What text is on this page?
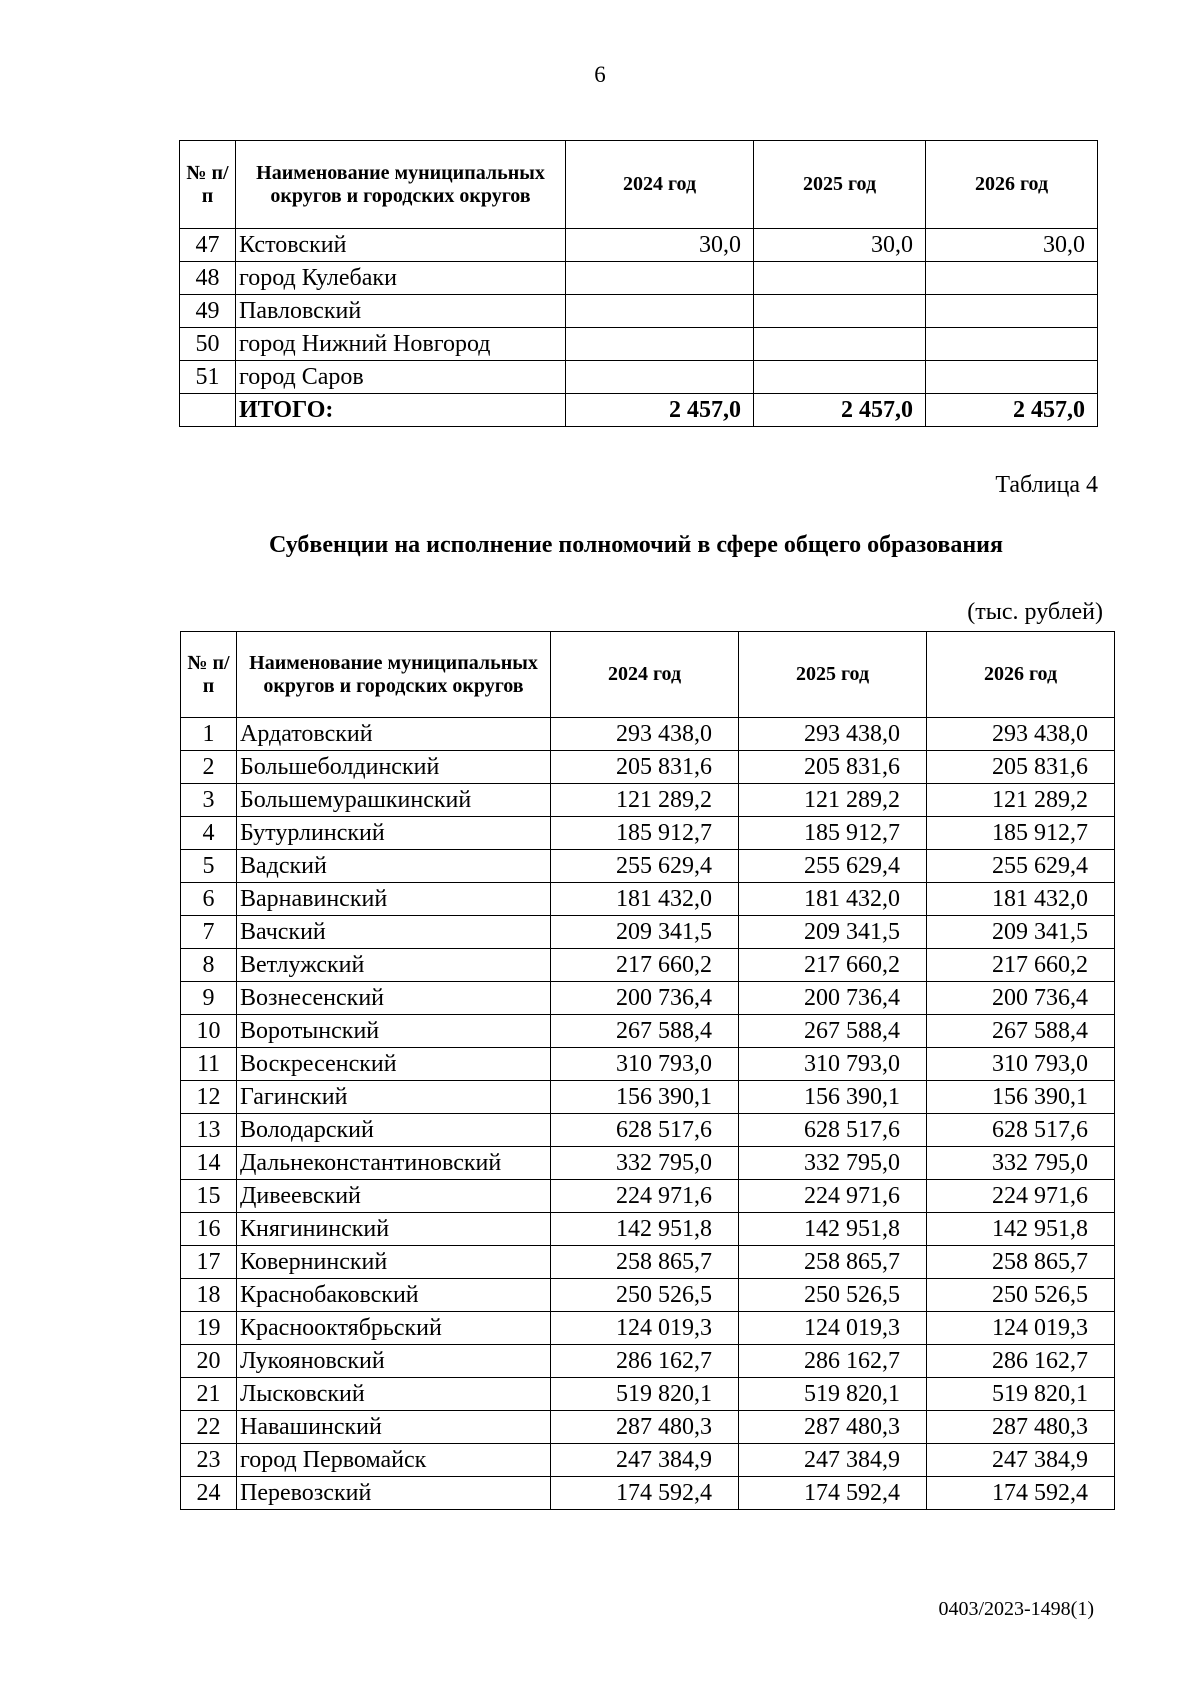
6
№ п/п	Наименование муниципальных округов и городских округов	2024 год	2025 год	2026 год
47	Кстовский	30,0	30,0	30,0
48	город Кулебаки			
49	Павловский			
50	город Нижний Новгород			
51	город Саров			
	ИТОГО:	2 457,0	2 457,0	2 457,0
Таблица 4
Субвенции на исполнение полномочий в сфере общего образования
(тыс. рублей)
№ п/п	Наименование муниципальных округов и городских округов	2024 год	2025 год	2026 год
1	Ардатовский	293 438,0	293 438,0	293 438,0
2	Большеболдинский	205 831,6	205 831,6	205 831,6
3	Большемурашкинский	121 289,2	121 289,2	121 289,2
4	Бутурлинский	185 912,7	185 912,7	185 912,7
5	Вадский	255 629,4	255 629,4	255 629,4
6	Варнавинский	181 432,0	181 432,0	181 432,0
7	Вачский	209 341,5	209 341,5	209 341,5
8	Ветлужский	217 660,2	217 660,2	217 660,2
9	Вознесенский	200 736,4	200 736,4	200 736,4
10	Воротынский	267 588,4	267 588,4	267 588,4
11	Воскресенский	310 793,0	310 793,0	310 793,0
12	Гагинский	156 390,1	156 390,1	156 390,1
13	Володарский	628 517,6	628 517,6	628 517,6
14	Дальнеконстантиновский	332 795,0	332 795,0	332 795,0
15	Дивеевский	224 971,6	224 971,6	224 971,6
16	Княгининский	142 951,8	142 951,8	142 951,8
17	Ковернинский	258 865,7	258 865,7	258 865,7
18	Краснобаковский	250 526,5	250 526,5	250 526,5
19	Краснооктябрьский	124 019,3	124 019,3	124 019,3
20	Лукояновский	286 162,7	286 162,7	286 162,7
21	Лысковский	519 820,1	519 820,1	519 820,1
22	Навашинский	287 480,3	287 480,3	287 480,3
23	город Первомайск	247 384,9	247 384,9	247 384,9
24	Перевозский	174 592,4	174 592,4	174 592,4
0403/2023-1498(1)
